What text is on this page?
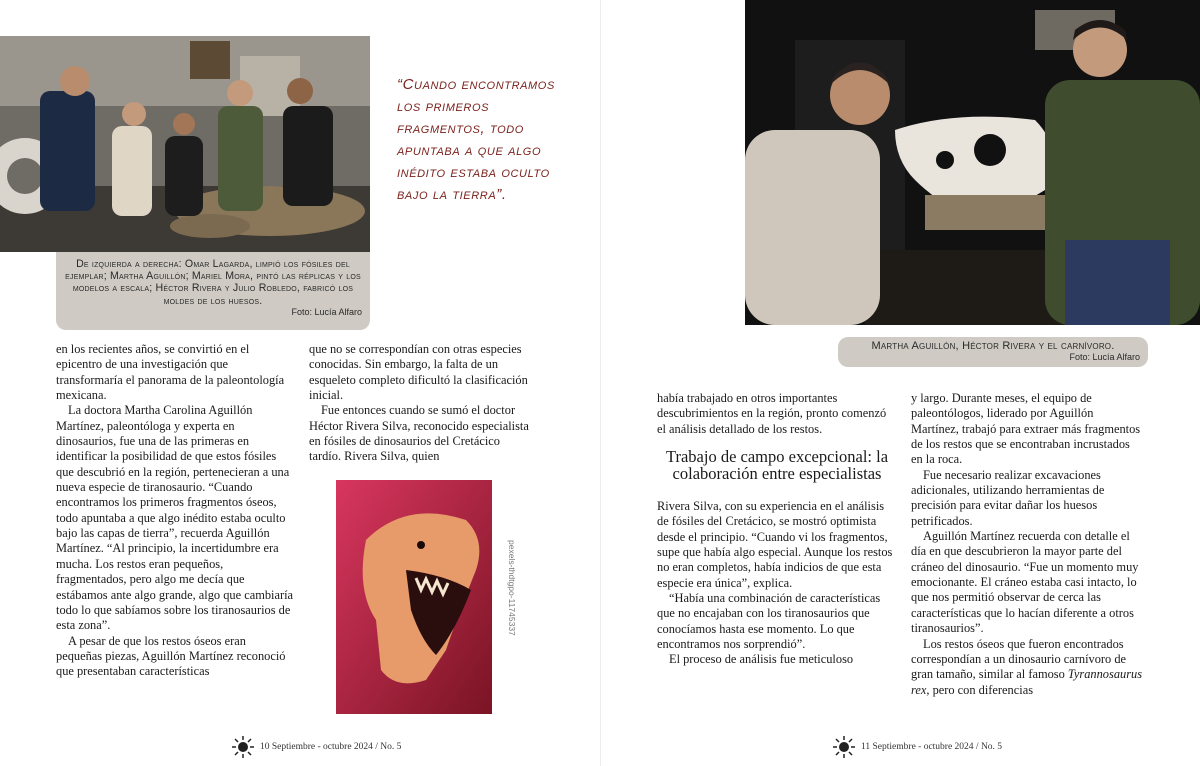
De izquierda a derecha: Omar Lagarda, limpió los fósiles del ejemplar; Martha Aguillón; Mariel Mora, pintó las réplicas y los modelos a escala; Héctor Rivera y Julio Robledo, fabricó los moldes de los huesos.
Foto: Lucía Alfaro
“Cuando encontramos los primeros fragmentos, todo apuntaba a que algo inédito estaba oculto bajo la tierra”.

en los recientes años, se convirtió en el epicentro de una investigación que transformaría el panorama de la paleontología mexicana.

La doctora Martha Carolina Aguillón Martínez, paleontóloga y experta en dinosaurios, fue una de las primeras en identificar la posibilidad de que estos fósiles que descubrió en la región, pertenecieran a una nueva especie de tiranosaurio. “Cuando encontramos los primeros fragmentos óseos, todo apuntaba a que algo inédito estaba oculto bajo las capas de tierra”, recuerda Aguillón Martínez. “Al principio, la incertidumbre era mucha. Los restos eran pequeños, fragmentados, pero algo me decía que estábamos ante algo grande, algo que cambiaría todo lo que sabíamos sobre los tiranosaurios de esta zona”.

A pesar de que los restos óseos eran pequeñas piezas, Aguillón Martínez reconoció que presentaban características

que no se correspondían con otras especies conocidas. Sin embargo, la falta de un esqueleto completo dificultó la clasificación inicial.

Fue entonces cuando se sumó el doctor Héctor Rivera Silva, reconocido especialista en fósiles de dinosaurios del Cretácico tardío. Rivera Silva, quien

pexels-thdtgpo-11745337
10 Septiembre - octubre 2024 / No. 5
Martha Aguillón, Héctor Rivera y el carnívoro.
Foto: Lucía Alfaro

había trabajado en otros importantes descubrimientos en la región, pronto comenzó el análisis detallado de los restos.

Trabajo de campo excepcional: la colaboración entre especialistas

Rivera Silva, con su experiencia en el análisis de fósiles del Cretácico, se mostró optimista desde el principio. “Cuando vi los fragmentos, supe que había algo especial. Aunque los restos no eran completos, había indicios de que esta especie era única”, explica.

“Había una combinación de características que no encajaban con los tiranosaurios que conocíamos hasta ese momento. Lo que encontramos nos sorprendió”.

El proceso de análisis fue meticuloso

y largo. Durante meses, el equipo de paleontólogos, liderado por Aguillón Martínez, trabajó para extraer más fragmentos de los restos que se encontraban incrustados en la roca.

Fue necesario realizar excavaciones adicionales, utilizando herramientas de precisión para evitar dañar los huesos petrificados.

Aguillón Martínez recuerda con detalle el día en que descubrieron la mayor parte del cráneo del dinosaurio. “Fue un momento muy emocionante. El cráneo estaba casi intacto, lo que nos permitió observar de cerca las características que lo hacían diferente a otros tiranosaurios”.

Los restos óseos que fueron encontrados correspondían a un dinosaurio carnívoro de gran tamaño, similar al famoso Tyrannosaurus rex, pero con diferencias

11 Septiembre - octubre 2024 / No. 5
